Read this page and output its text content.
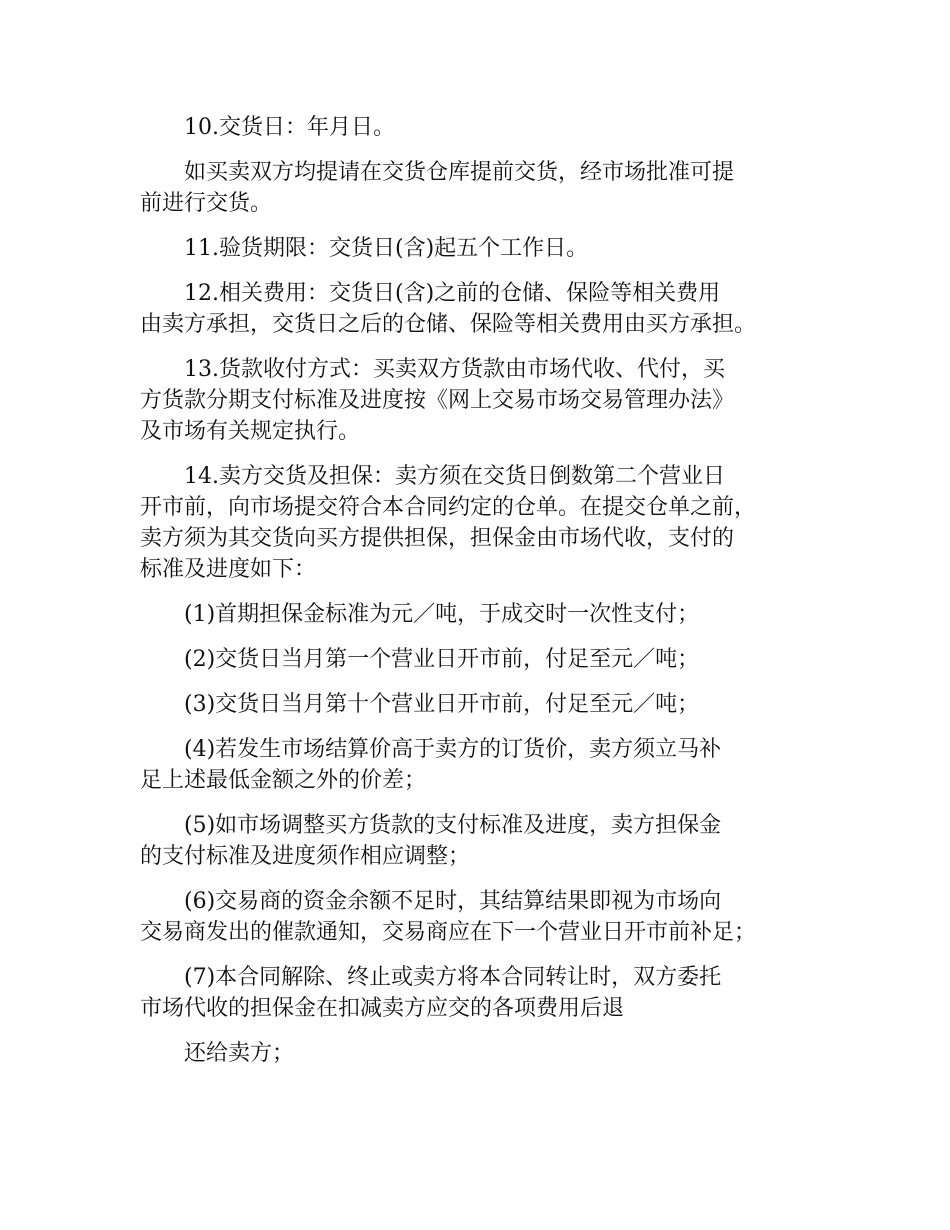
10.交货日：年月日。

如买卖双方均提请在交货仓库提前交货，经市场批准可提
前进行交货。

11.验货期限：交货日(含)起五个工作日。

12.相关费用：交货日(含)之前的仓储、保险等相关费用
由卖方承担，交货日之后的仓储、保险等相关费用由买方承担。

13.货款收付方式：买卖双方货款由市场代收、代付，买
方货款分期支付标准及进度按《网上交易市场交易管理办法》
及市场有关规定执行。

14.卖方交货及担保：卖方须在交货日倒数第二个营业日
开市前，向市场提交符合本合同约定的仓单。在提交仓单之前，
卖方须为其交货向买方提供担保，担保金由市场代收，支付的
标准及进度如下：

(1)首期担保金标准为元／吨，于成交时一次性支付；

(2)交货日当月第一个营业日开市前，付足至元／吨；

(3)交货日当月第十个营业日开市前，付足至元／吨；

(4)若发生市场结算价高于卖方的订货价，卖方须立马补
足上述最低金额之外的价差；

(5)如市场调整买方货款的支付标准及进度，卖方担保金
的支付标准及进度须作相应调整；

(6)交易商的资金余额不足时，其结算结果即视为市场向
交易商发出的催款通知，交易商应在下一个营业日开市前补足；

(7)本合同解除、终止或卖方将本合同转让时，双方委托
市场代收的担保金在扣减卖方应交的各项费用后退

还给卖方；
